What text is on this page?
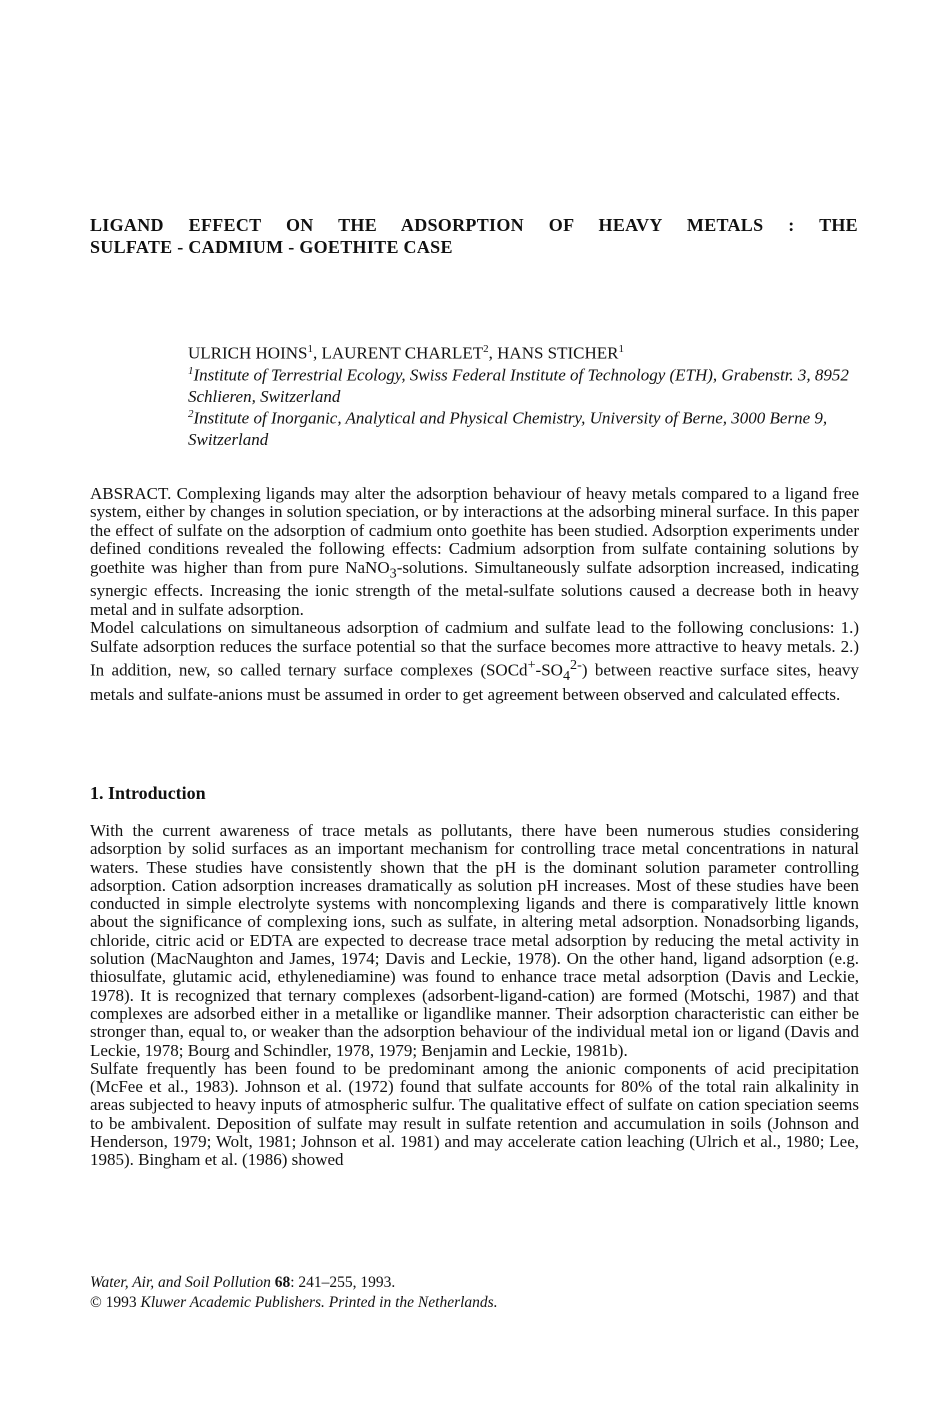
LIGAND EFFECT ON THE ADSORPTION OF HEAVY METALS : THE
SULFATE - CADMIUM - GOETHITE CASE
ULRICH HOINS$^1$, LAURENT CHARLET$^2$, HANS STICHER$^1$
$^1$Institute of Terrestrial Ecology, Swiss Federal Institute of Technology (ETH), Grabenstr. 3, 8952 Schlieren, Switzerland
$^2$Institute of Inorganic, Analytical and Physical Chemistry, University of Berne, 3000 Berne 9, Switzerland

ABSRACT. Complexing ligands may alter the adsorption behaviour of heavy metals compared to a ligand free system, either by changes in solution speciation, or by interactions at the adsorbing mineral surface. In this paper the effect of sulfate on the adsorption of cadmium onto goethite has been studied. Adsorption experiments under defined conditions revealed the following effects: Cadmium adsorption from sulfate containing solutions by goethite was higher than from pure NaNO$_3$-solutions. Simultaneously sulfate adsorption increased, indicating synergic effects. Increasing the ionic strength of the metal-sulfate solutions caused a decrease both in heavy metal and in sulfate adsorption.

Model calculations on simultaneous adsorption of cadmium and sulfate lead to the following conclusions: 1.) Sulfate adsorption reduces the surface potential so that the surface becomes more attractive to heavy metals. 2.) In addition, new, so called ternary surface complexes $(SOCd^+-SO_4^{2-})$ between reactive surface sites, heavy metals and sulfate-anions must be assumed in order to get agreement between observed and calculated effects.

1. Introduction

With the current awareness of trace metals as pollutants, there have been numerous studies considering adsorption by solid surfaces as an important mechanism for controlling trace metal concentrations in natural waters. These studies have consistently shown that the pH is the dominant solution parameter controlling adsorption. Cation adsorption increases dramatically as solution pH increases. Most of these studies have been conducted in simple electrolyte systems with noncomplexing ligands and there is comparatively little known about the significance of complexing ions, such as sulfate, in altering metal adsorption. Nonadsorbing ligands, chloride, citric acid or EDTA are expected to decrease trace metal adsorption by reducing the metal activity in solution (MacNaughton and James, 1974; Davis and Leckie, 1978). On the other hand, ligand adsorption (e.g. thiosulfate, glutamic acid, ethylenediamine) was found to enhance trace metal adsorption (Davis and Leckie, 1978). It is recognized that ternary complexes (adsorbent-ligand-cation) are formed (Motschi, 1987) and that complexes are adsorbed either in a metallike or ligandlike manner. Their adsorption characteristic can either be stronger than, equal to, or weaker than the adsorption behaviour of the individual metal ion or ligand (Davis and Leckie, 1978; Bourg and Schindler, 1978, 1979; Benjamin and Leckie, 1981b).

Sulfate frequently has been found to be predominant among the anionic components of acid precipitation (McFee et al., 1983). Johnson et al. (1972) found that sulfate accounts for 80% of the total rain alkalinity in areas subjected to heavy inputs of atmospheric sulfur. The qualitative effect of sulfate on cation speciation seems to be ambivalent. Deposition of sulfate may result in sulfate retention and accumulation in soils (Johnson and Henderson, 1979; Wolt, 1981; Johnson et al. 1981) and may accelerate cation leaching (Ulrich et al., 1980; Lee, 1985). Bingham et al. (1986) showed

Water, Air, and Soil Pollution 68: 241–255, 1993.
© 1993 Kluwer Academic Publishers. Printed in the Netherlands.
